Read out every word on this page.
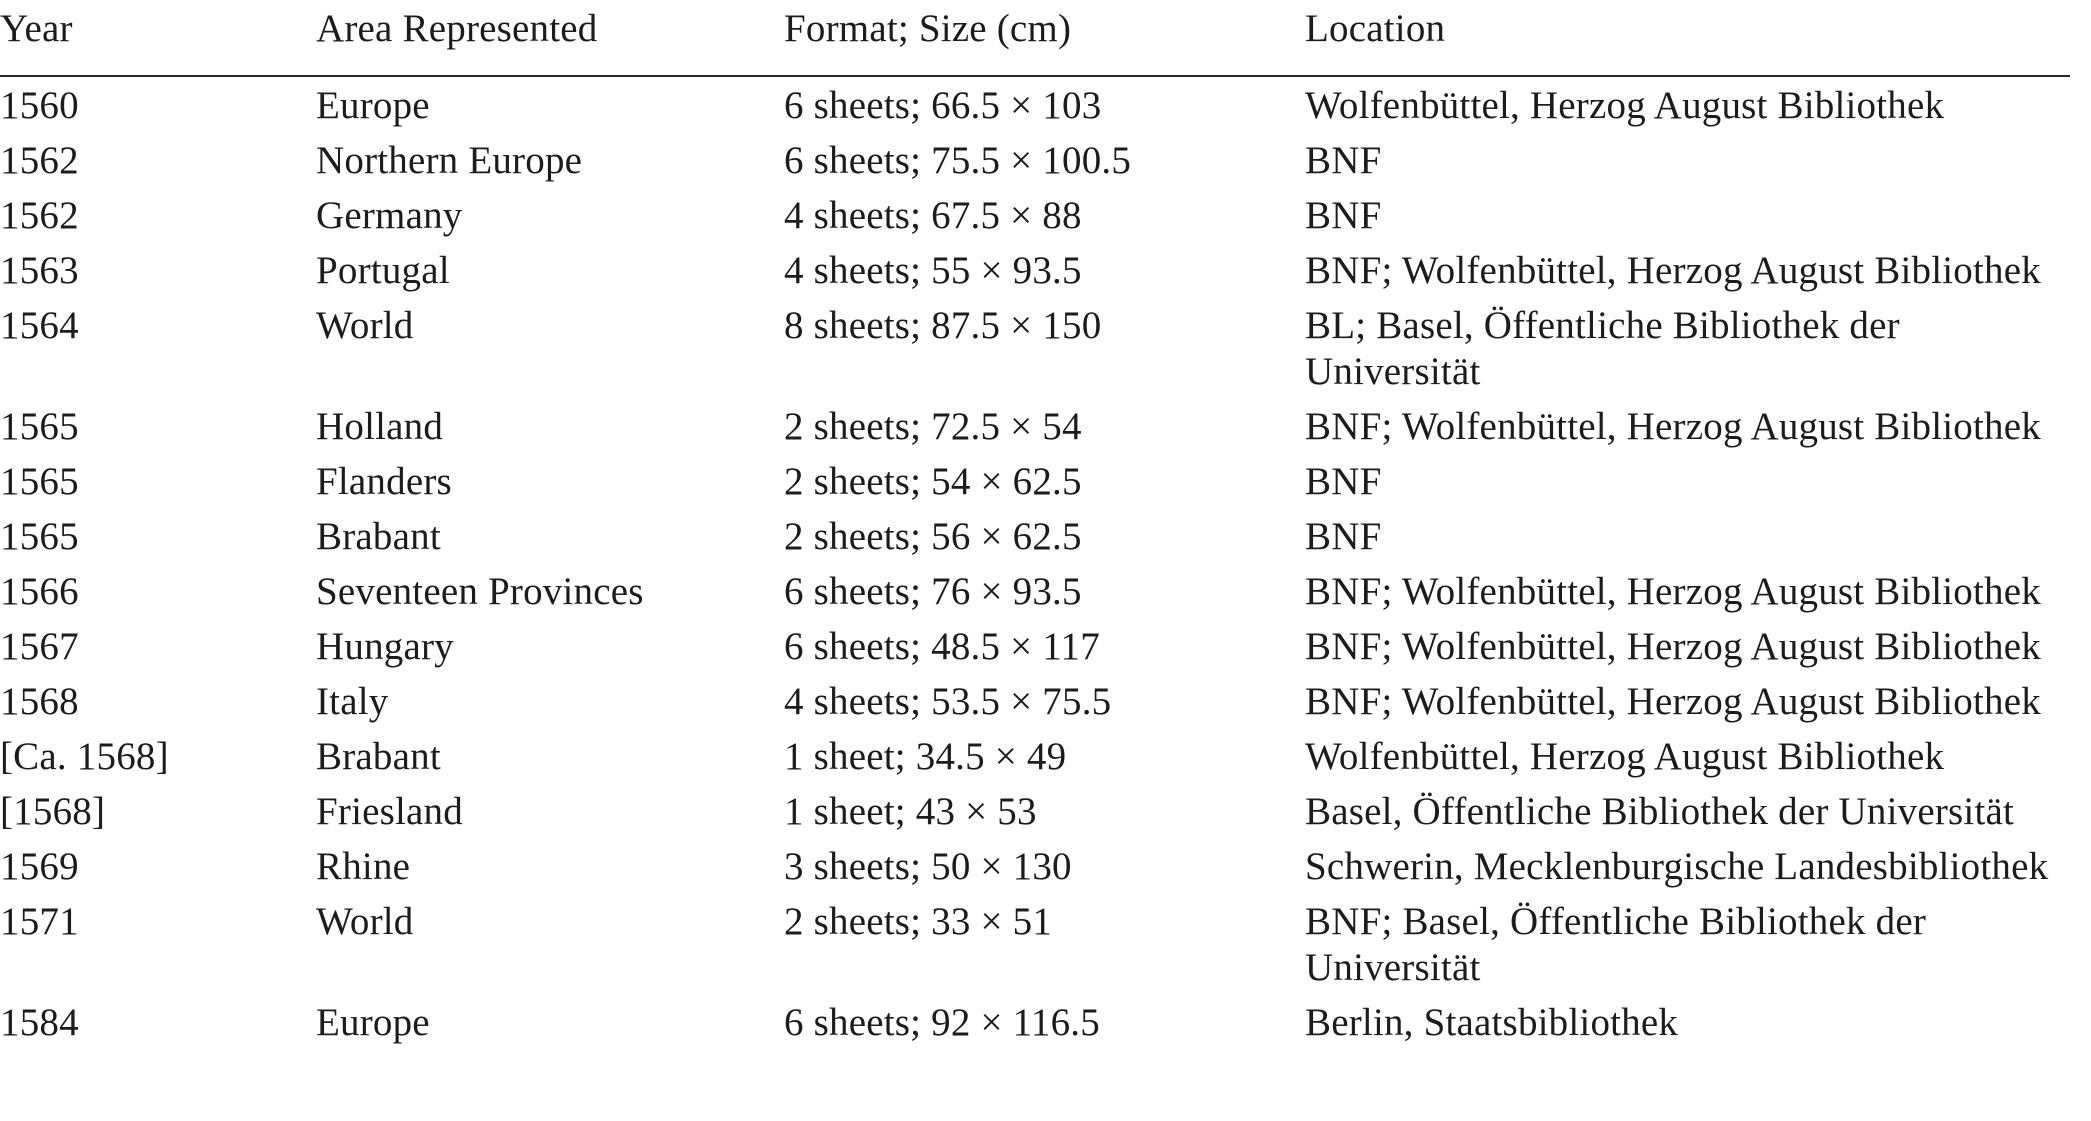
Year	Area Represented	Format; Size (cm)	Location
1560	Europe	6 sheets; 66.5 × 103	Wolfenbüttel, Herzog August Bibliothek
1562	Northern Europe	6 sheets; 75.5 × 100.5	BNF
1562	Germany	4 sheets; 67.5 × 88	BNF
1563	Portugal	4 sheets; 55 × 93.5	BNF; Wolfenbüttel, Herzog August Bibliothek
1564	World	8 sheets; 87.5 × 150	BL; Basel, Öffentliche Bibliothek der Universität
1565	Holland	2 sheets; 72.5 × 54	BNF; Wolfenbüttel, Herzog August Bibliothek
1565	Flanders	2 sheets; 54 × 62.5	BNF
1565	Brabant	2 sheets; 56 × 62.5	BNF
1566	Seventeen Provinces	6 sheets; 76 × 93.5	BNF; Wolfenbüttel, Herzog August Bibliothek
1567	Hungary	6 sheets; 48.5 × 117	BNF; Wolfenbüttel, Herzog August Bibliothek
1568	Italy	4 sheets; 53.5 × 75.5	BNF; Wolfenbüttel, Herzog August Bibliothek
[Ca. 1568]	Brabant	1 sheet; 34.5 × 49	Wolfenbüttel, Herzog August Bibliothek
[1568]	Friesland	1 sheet; 43 × 53	Basel, Öffentliche Bibliothek der Universität
1569	Rhine	3 sheets; 50 × 130	Schwerin, Mecklenburgische Landesbibliothek
1571	World	2 sheets; 33 × 51	BNF; Basel, Öffentliche Bibliothek der Universität
1584	Europe	6 sheets; 92 × 116.5	Berlin, Staatsbibliothek
